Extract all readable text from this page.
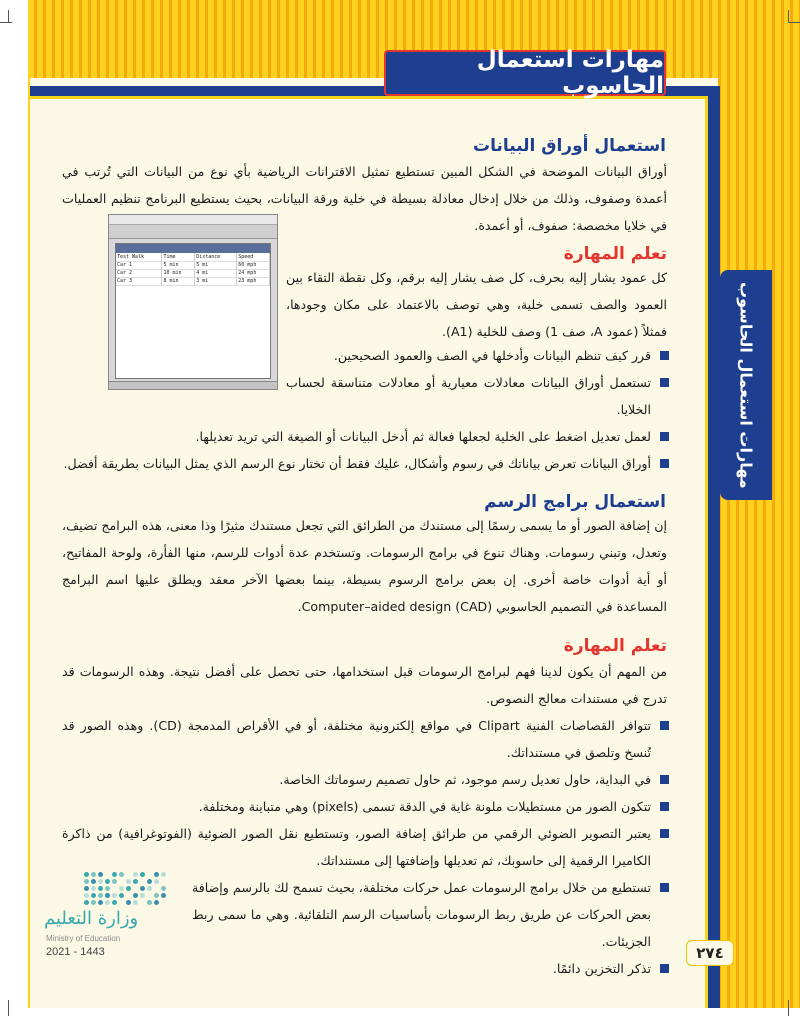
مهارات استعمال الحاسوب
مهارات استعمال الحاسوب
استعمال أوراق البيانات
أوراق البيانات الموضحة في الشكل المبين تستطيع تمثيل الاقترانات الرياضية بأي نوع من البيانات التي تُرتب في أعمدة وصفوف، وذلك من خلال إدخال معادلة بسيطة في خلية ورقة البيانات، بحيث يستطيع البرنامج تنظيم العمليات في خلايا مخصصة: صفوف، أو أعمدة.
تعلم المهارة
كل عمود يشار إليه بحرف، كل صف يشار إليه برقم، وكل نقطة التقاء بين العمود والصف تسمى خلية، وهي توصف بالاعتماد على مكان وجودها، فمثلاً (عمود A، صف 1) وصف للخلية (A1).
قرر كيف تنظم البيانات وأدخلها في الصف والعمود الصحيحين.
تستعمل أوراق البيانات معادلات معيارية أو معادلات متناسقة لحساب الخلايا.
لعمل تعديل اضغط على الخلية لجعلها فعالة ثم أدخل البيانات أو الصيغة التي تريد تعديلها.
أوراق البيانات تعرض بياناتك في رسوم وأشكال، عليك فقط أن تختار نوع الرسم الذي يمثل البيانات بطريقة أفضل.
Test Walk	Time	Distance	Speed
Car 1	5 min	5 mi	60 mph
Car 2	10 min	4 mi	24 mph
Car 3	8 min	3 mi	23 mph
استعمال برامج الرسم
إن إضافة الصور أو ما يسمى رسمًا إلى مستندك من الطرائق التي تجعل مستندك مثيرًا وذا معنى، هذه البرامج تضيف، وتعدل، وتبني رسومات. وهناك تنوع في برامج الرسومات. وتستخدم عدة أدوات للرسم، منها الفأرة، ولوحة المفاتيح، أو أية أدوات خاصة أخرى. إن بعض برامج الرسوم بسيطة، بينما بعضها الآخر معقد ويطلق عليها اسم البرامج المساعدة في التصميم الحاسوبي Computer–aided design (CAD).
تعلم المهارة
من المهم أن يكون لدينا فهم لبرامج الرسومات قبل استخدامها، حتى تحصل على أفضل نتيجة. وهذه الرسومات قد تدرج في مستندات معالج النصوص.
تتوافر القصاصات الفنية Clipart في مواقع إلكترونية مختلفة، أو في الأقراص المدمجة (CD). وهذه الصور قد تُنسخ وتلصق في مستنداتك.
في البداية، حاول تعديل رسم موجود، ثم حاول تصميم رسوماتك الخاصة.
تتكون الصور من مستطيلات ملونة غاية في الدقة تسمى (pixels) وهي متباينة ومختلفة.
يعتبر التصوير الضوئي الرقمي من طرائق إضافة الصور، وتستطيع نقل الصور الضوئية (الفوتوغرافية) من ذاكرة الكاميرا الرقمية إلى حاسوبك، ثم تعديلها وإضافتها إلى مستنداتك.
تستطيع من خلال برامج الرسومات عمل حركات مختلفة، بحيث تسمح لك بالرسم وإضافة بعض الحركات عن طريق ربط الرسومات بأساسيات الرسم التلقائية. وهي ما سمى ربط الجزيئات.
تذكر التخزين دائمًا.
وزارة التعليم
Ministry of Education
2021 - 1443	٢٧٤
